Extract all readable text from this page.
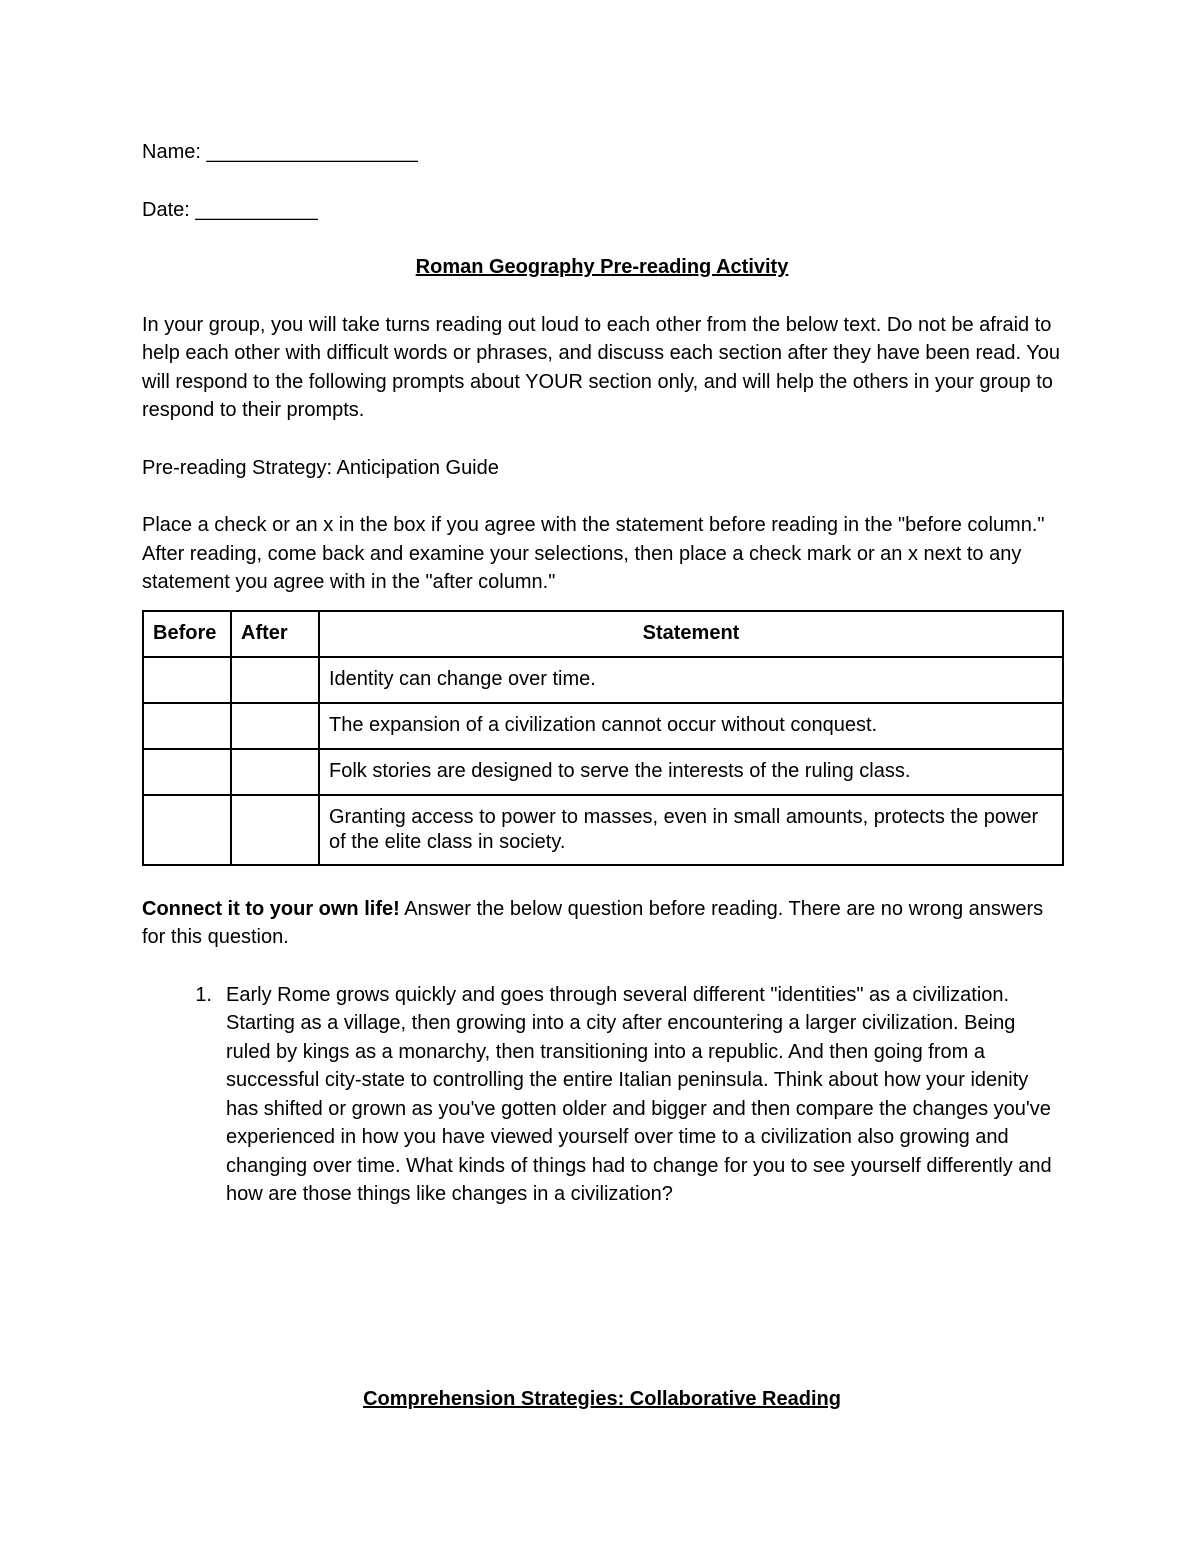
Name: ___________________

Date: ___________

Roman Geography Pre-reading Activity

In your group, you will take turns reading out loud to each other from the below text. Do not be afraid to help each other with difficult words or phrases, and discuss each section after they have been read. You will respond to the following prompts about YOUR section only, and will help the others in your group to respond to their prompts.

Pre-reading Strategy: Anticipation Guide

Place a check or an x in the box if you agree with the statement before reading in the "before column." After reading, come back and examine your selections, then place a check mark or an x next to any statement you agree with in the "after column."

Before	After	Statement
		Identity can change over time.
		The expansion of a civilization cannot occur without conquest.
		Folk stories are designed to serve the interests of the ruling class.
		Granting access to power to masses, even in small amounts, protects the power of the elite class in society.

Connect it to your own life! Answer the below question before reading. There are no wrong answers for this question.

1. Early Rome grows quickly and goes through several different "identities" as a civilization. Starting as a village, then growing into a city after encountering a larger civilization. Being ruled by kings as a monarchy, then transitioning into a republic. And then going from a successful city-state to controlling the entire Italian peninsula. Think about how your idenity has shifted or grown as you've gotten older and bigger and then compare the changes you've experienced in how you have viewed yourself over time to a civilization also growing and changing over time. What kinds of things had to change for you to see yourself differently and how are those things like changes in a civilization?

Comprehension Strategies: Collaborative Reading
